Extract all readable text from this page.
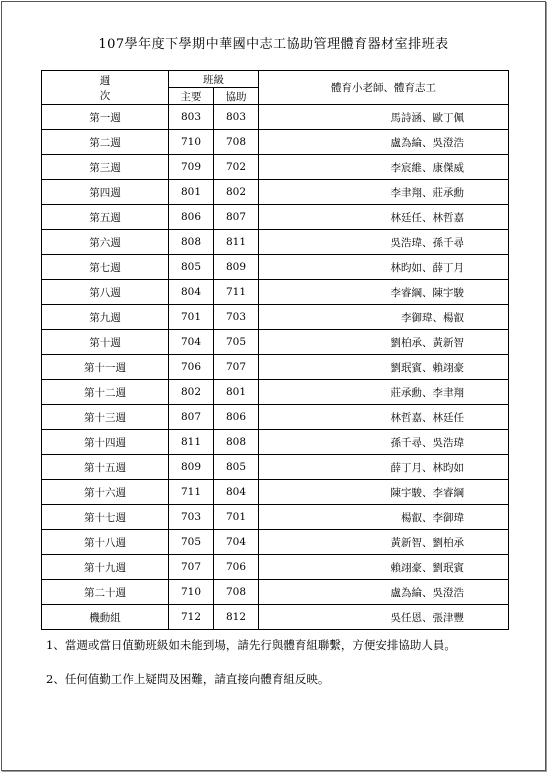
107學年度下學期中華國中志工協助管理體育器材室排班表
週次	班級		體育小老師、體育志工
	主要	協助	
第一週	803	803	馬詩涵、歐丁佩
第二週	710	708	盧為綸、吳澄浩
第三週	709	702	李宸維、康傑威
第四週	801	802	李聿翔、莊承勳
第五週	806	807	林廷任、林哲嘉
第六週	808	811	吳浩瑋、孫千尋
第七週	805	809	林昀如、薛丁月
第八週	804	711	李睿綱、陳宇駿
第九週	701	703	李御瑋、楊叡
第十週	704	705	劉柏承、黃新智
第十一週	706	707	劉珉賓、賴翊豪
第十二週	802	801	莊承勳、李聿翔
第十三週	807	806	林哲嘉、林廷任
第十四週	811	808	孫千尋、吳浩瑋
第十五週	809	805	薛丁月、林昀如
第十六週	711	804	陳宇駿、李睿綱
第十七週	703	701	楊叡、李御瑋
第十八週	705	704	黃新智、劉柏承
第十九週	707	706	賴翊豪、劉珉賓
第二十週	710	708	盧為綸、吳澄浩
機動組	712	812	吳任恩、張津豐
1、當週或當日值勤班級如未能到場，請先行與體育組聯繫，方便安排協助人員。
2、任何值勤工作上疑問及困難，請直接向體育組反映。
